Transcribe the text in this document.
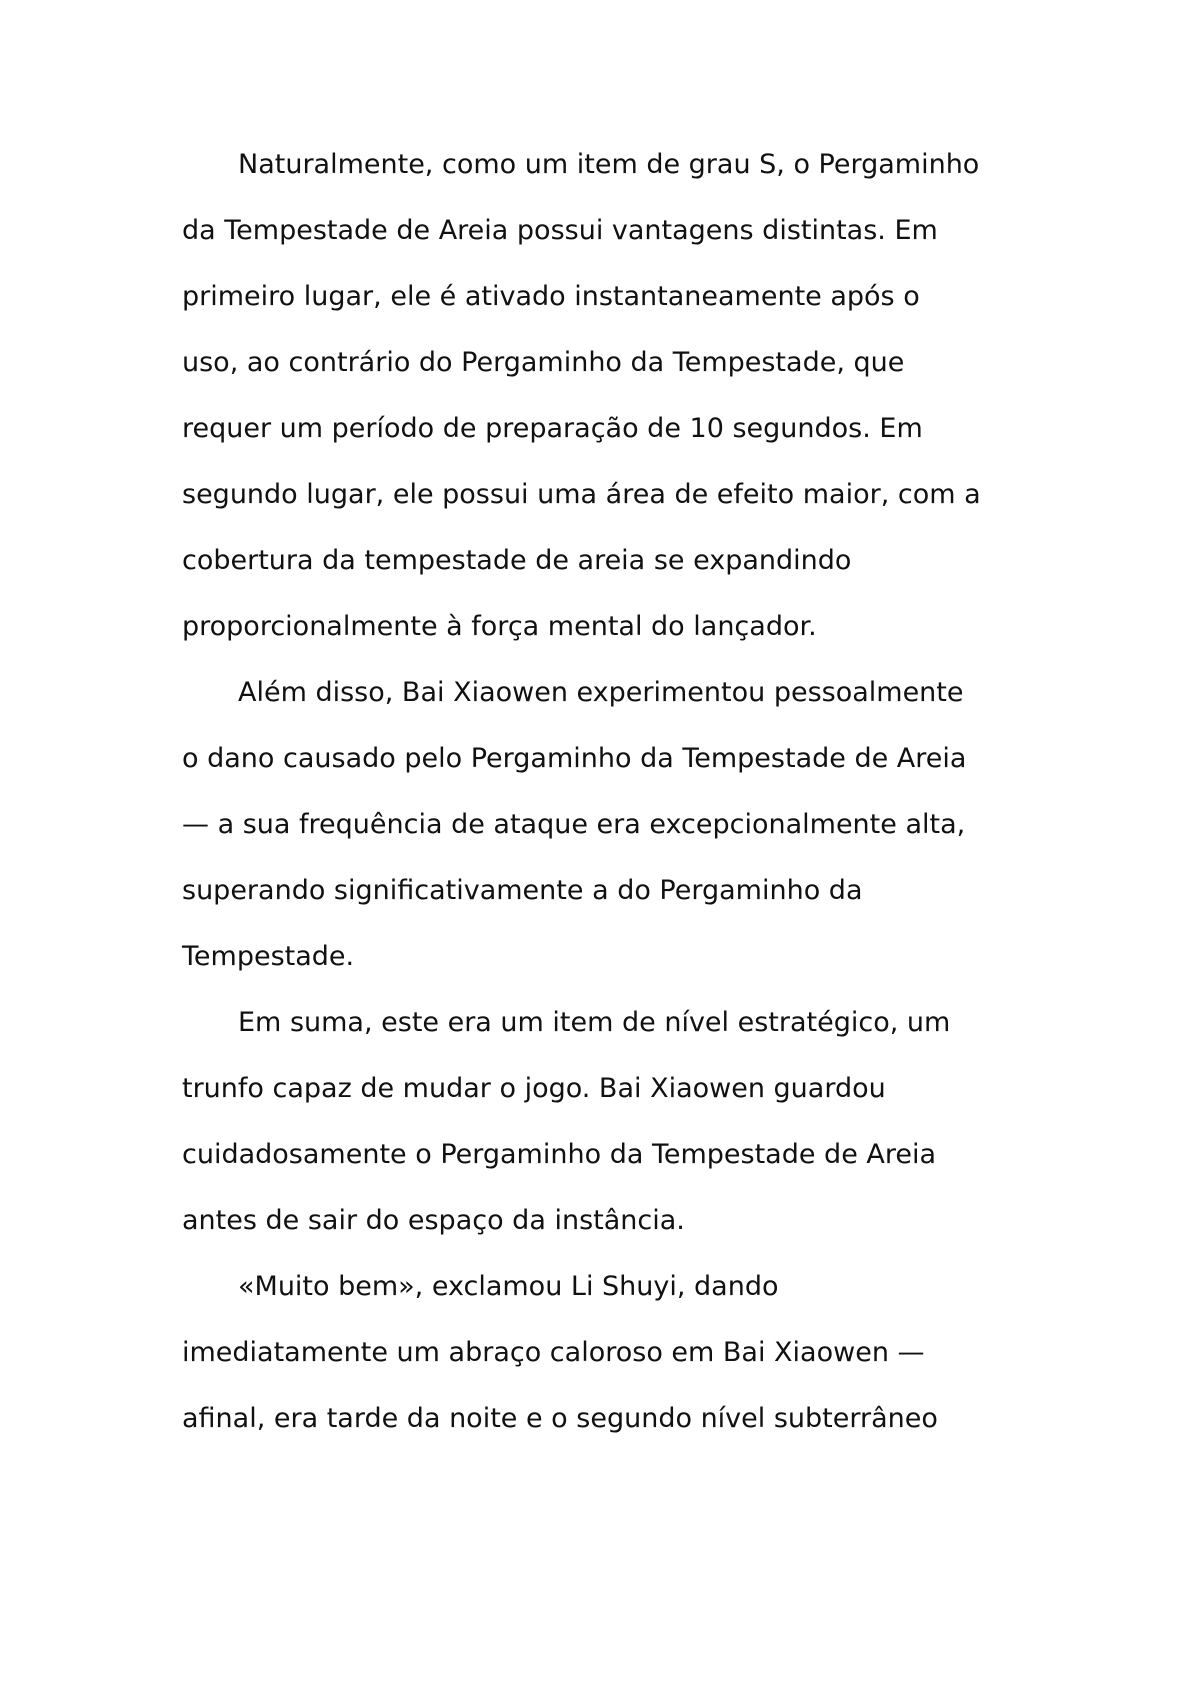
Naturalmente, como um item de grau S, o Pergaminho
da Tempestade de Areia possui vantagens distintas. Em
primeiro lugar, ele é ativado instantaneamente após o
uso, ao contrário do Pergaminho da Tempestade, que
requer um período de preparação de 10 segundos. Em
segundo lugar, ele possui uma área de efeito maior, com a
cobertura da tempestade de areia se expandindo
proporcionalmente à força mental do lançador.

Além disso, Bai Xiaowen experimentou pessoalmente
o dano causado pelo Pergaminho da Tempestade de Areia
— a sua frequência de ataque era excepcionalmente alta,
superando significativamente a do Pergaminho da
Tempestade.

Em suma, este era um item de nível estratégico, um
trunfo capaz de mudar o jogo. Bai Xiaowen guardou
cuidadosamente o Pergaminho da Tempestade de Areia
antes de sair do espaço da instância.

«Muito bem», exclamou Li Shuyi, dando
imediatamente um abraço caloroso em Bai Xiaowen —
afinal, era tarde da noite e o segundo nível subterrâneo
